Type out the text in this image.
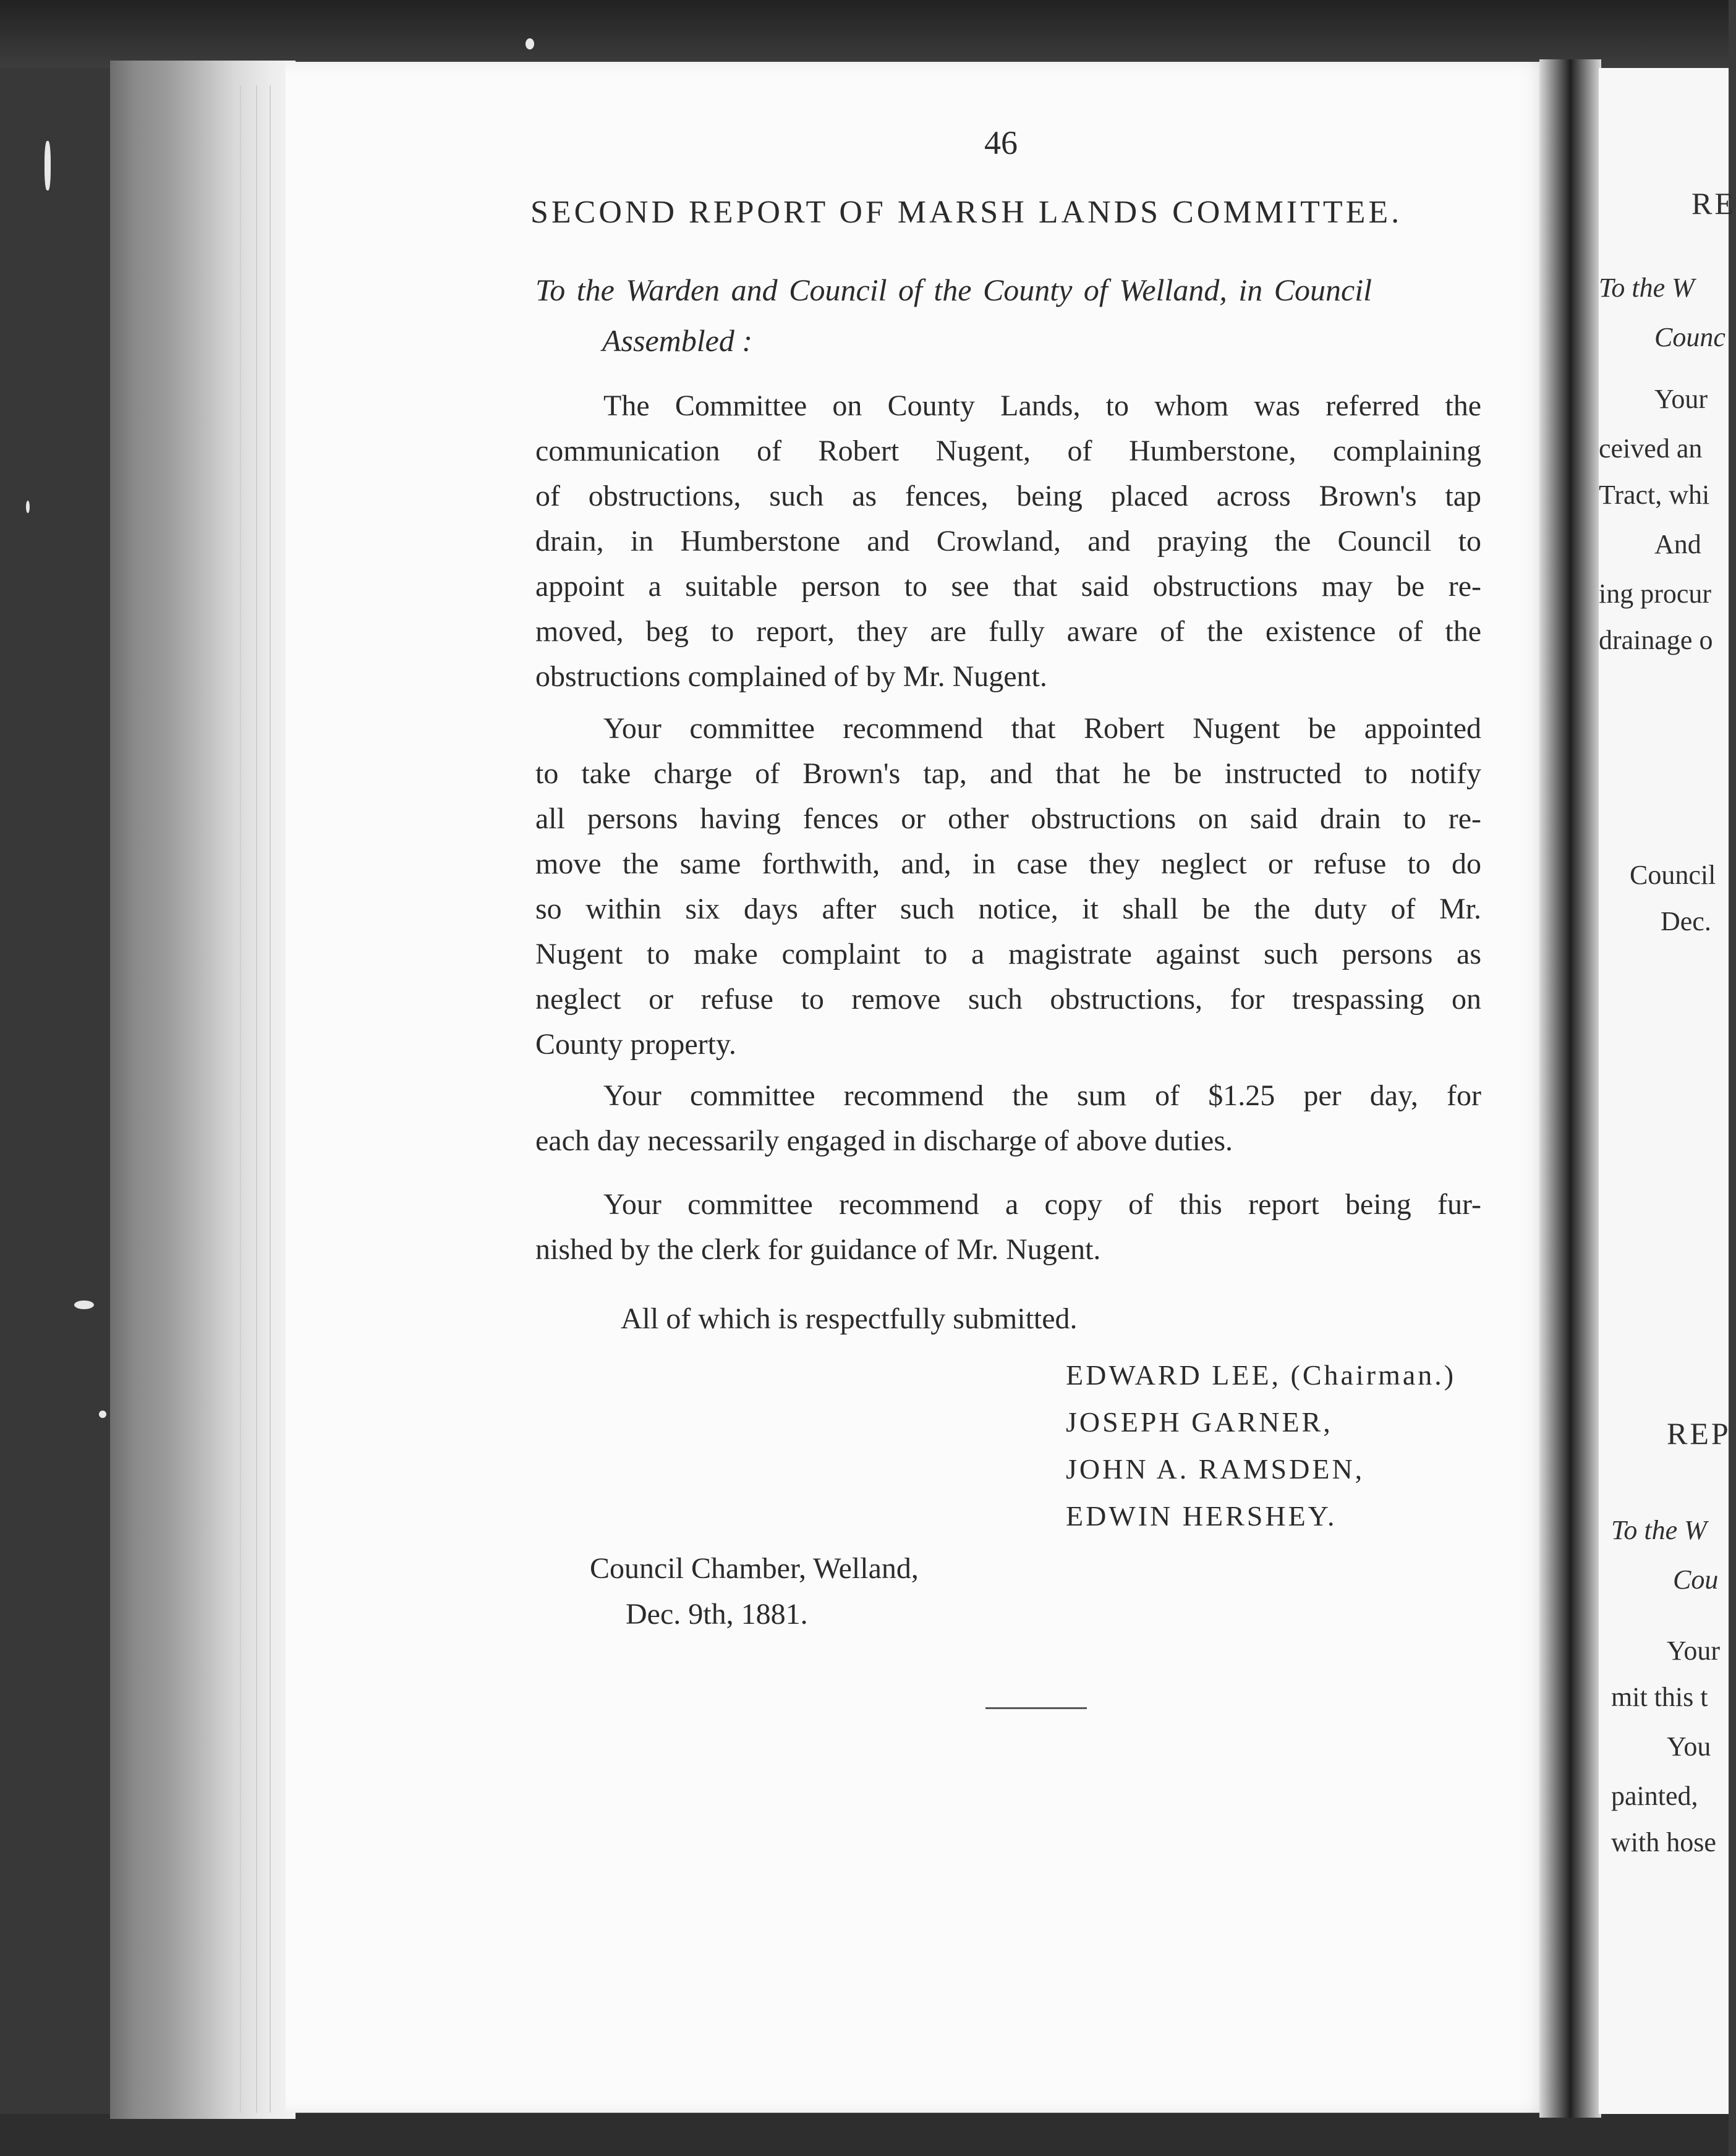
46
SECOND REPORT OF MARSH LANDS COMMITTEE.
To the Warden and Council of the County of Welland, in Council
Assembled :
The Committee on County Lands, to whom was referred the
communication of Robert Nugent, of Humberstone, complaining
of obstructions, such as fences, being placed across Brown's tap
drain, in Humberstone and Crowland, and praying the Council to
appoint a suitable person to see that said obstructions may be re-
moved, beg to report, they are fully aware of the existence of the
obstructions complained of by Mr. Nugent.
Your committee recommend that Robert Nugent be appointed
to take charge of Brown's tap, and that he be instructed to notify
all persons having fences or other obstructions on said drain to re-
move the same forthwith, and, in case they neglect or refuse to do
so within six days after such notice, it shall be the duty of Mr.
Nugent to make complaint to a magistrate against such persons as
neglect or refuse to remove such obstructions, for trespassing on
County property.
Your committee recommend the sum of $1.25 per day, for
each day necessarily engaged in discharge of above duties.
Your committee recommend a copy of this report being fur-
nished by the clerk for guidance of Mr. Nugent.
All of which is respectfully submitted.
EDWARD LEE, (Chairman.)
JOSEPH GARNER,
JOHN A. RAMSDEN,
EDWIN HERSHEY.
Council Chamber, Welland,
Dec. 9th, 1881.
RE
To the W
Counc
Your
ceived an
Tract, whi
And
ing procur
drainage o
Council
Dec.
REP
To the W
Cou
Your
mit this t
You
painted,
with hose
